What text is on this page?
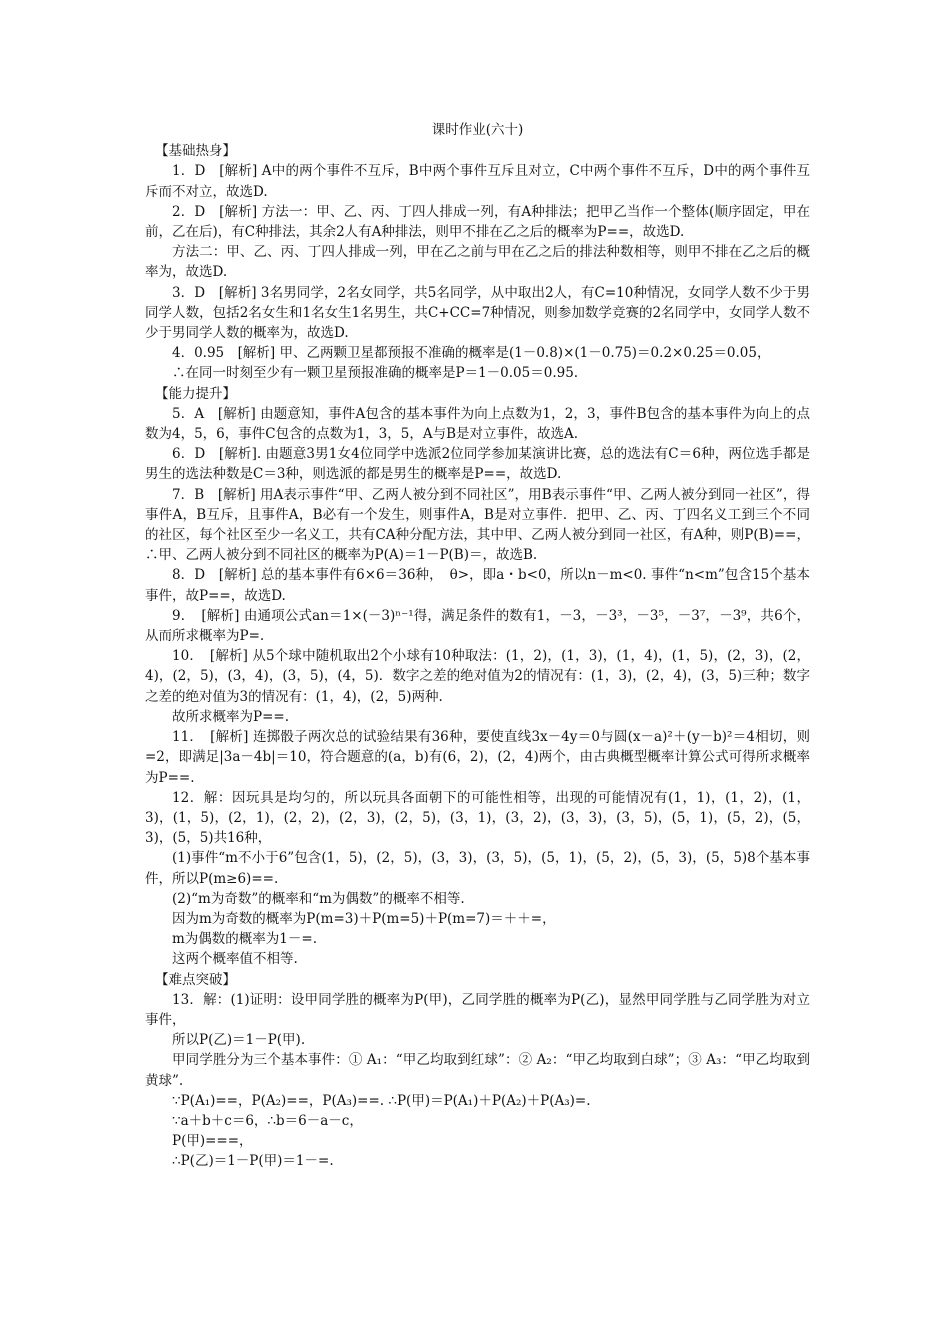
课时作业(六十)

【基础热身】

1．D　[解析] A中的两个事件不互斥，B中两个事件互斥且对立，C中两个事件不互斥，D中的两个事件互斥而不对立，故选D.

2．D　[解析] 方法一：甲、乙、丙、丁四人排成一列，有A种排法；把甲乙当作一个整体(顺序固定，甲在前，乙在后)，有C种排法，其余2人有A种排法，则甲不排在乙之后的概率为P==，故选D.

方法二：甲、乙、丙、丁四人排成一列，甲在乙之前与甲在乙之后的排法种数相等，则甲不排在乙之后的概率为，故选D.

3．D　[解析] 3名男同学，2名女同学，共5名同学，从中取出2人，有C=10种情况，女同学人数不少于男同学人数，包括2名女生和1名女生1名男生，共C+CC=7种情况，则参加数学竞赛的2名同学中，女同学人数不少于男同学人数的概率为，故选D.

4．0.95　[解析] 甲、乙两颗卫星都预报不准确的概率是(1－0.8)×(1－0.75)＝0.2×0.25＝0.05，

∴在同一时刻至少有一颗卫星预报准确的概率是P＝1－0.05＝0.95.

【能力提升】

5．A　[解析] 由题意知，事件A包含的基本事件为向上点数为1，2，3，事件B包含的基本事件为向上的点数为4，5，6，事件C包含的点数为1，3，5，A与B是对立事件，故选A.

6．D　[解析]. 由题意3男1女4位同学中选派2位同学参加某演讲比赛，总的选法有C＝6种，两位选手都是男生的选法种数是C＝3种，则选派的都是男生的概率是P==，故选D.

7．B　[解析] 用A表示事件“甲、乙两人被分到不同社区”，用B表示事件“甲、乙两人被分到同一社区”，得事件A，B互斥，且事件A，B必有一个发生，则事件A，B是对立事件．把甲、乙、丙、丁四名义工到三个不同的社区，每个社区至少一名义工，共有CA种分配方法，其中甲、乙两人被分到同一社区，有A种，则P(B)==，∴甲、乙两人被分到不同社区的概率为P(A)＝1－P(B)＝，故选B.

8．D　[解析] 总的基本事件有6×6＝36种，　θ>，即a・b<0，所以n－m<0. 事件“n<m”包含15个基本事件，故P==，故选D.

9．　[解析] 由通项公式an＝1×(－3)ⁿ⁻¹得，满足条件的数有1，－3，－3³，－3⁵，－3⁷，－3⁹，共6个，从而所求概率为P=.

10．　[解析] 从5个球中随机取出2个小球有10种取法：(1，2)，(1，3)，(1，4)，(1，5)，(2，3)，(2，4)，(2，5)，(3，4)，(3，5)，(4，5)．数字之差的绝对值为2的情况有：(1，3)，(2，4)，(3，5)三种；数字之差的绝对值为3的情况有：(1，4)，(2，5)两种.

故所求概率为P==.

11．　[解析] 连掷骰子两次总的试验结果有36种，要使直线3x－4y＝0与圆(x－a)²＋(y－b)²＝4相切，则=2，即满足|3a－4b|＝10，符合题意的(a，b)有(6，2)，(2，4)两个，由古典概型概率计算公式可得所求概率为P==.

12．解：因玩具是均匀的，所以玩具各面朝下的可能性相等，出现的可能情况有(1，1)，(1，2)，(1，3)，(1，5)，(2，1)，(2，2)，(2，3)，(2，5)，(3，1)，(3，2)，(3，3)，(3，5)，(5，1)，(5，2)，(5，3)，(5，5)共16种，

(1)事件“m不小于6”包含(1，5)，(2，5)，(3，3)，(3，5)，(5，1)，(5，2)，(5，3)，(5，5)8个基本事件，所以P(m≥6)==.

(2)“m为奇数”的概率和“m为偶数”的概率不相等.

因为m为奇数的概率为P(m=3)＋P(m=5)＋P(m=7)＝＋＋=，

m为偶数的概率为1－=.

这两个概率值不相等.

【难点突破】

13．解：(1)证明：设甲同学胜的概率为P(甲)，乙同学胜的概率为P(乙)，显然甲同学胜与乙同学胜为对立事件，

所以P(乙)＝1－P(甲).

甲同学胜分为三个基本事件：① A₁：“甲乙均取到红球”：② A₂：“甲乙均取到白球”；③ A₃：“甲乙均取到黄球”.

∵P(A₁)==，P(A₂)==，P(A₃)==. ∴P(甲)＝P(A₁)＋P(A₂)＋P(A₃)=.

∵a＋b＋c＝6，∴b＝6－a－c，

P(甲)===，

∴P(乙)＝1－P(甲)＝1－=.
